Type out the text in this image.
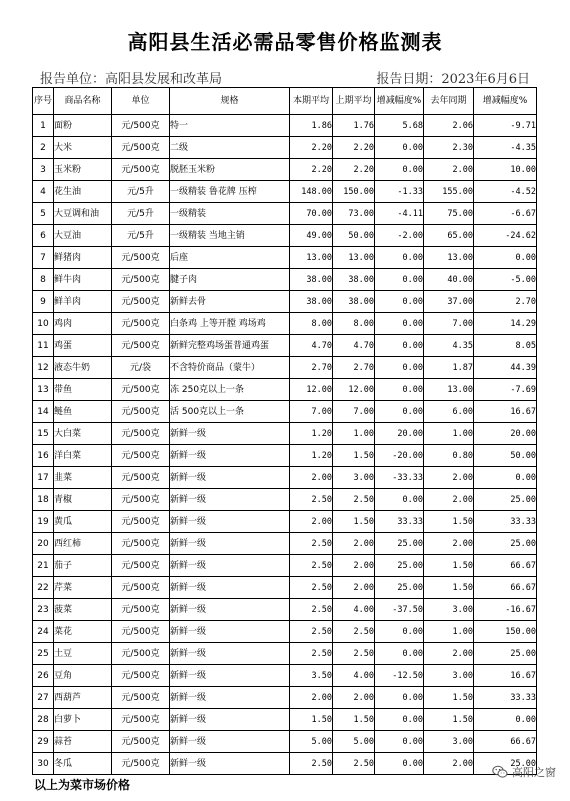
高阳县生活必需品零售价格监测表
报告单位：高阳县发展和改革局	报告日期：2023年6月6日
序号	商品名称	单位	规格	本期平均	上期平均	增减幅度%	去年同期	增减幅度%
1	面粉	元/500克	特一	1.86	1.76	5.68	2.06	-9.71
2	大米	元/500克	二级	2.20	2.20	0.00	2.30	-4.35
3	玉米粉	元/500克	脱胚玉米粉	2.20	2.20	0.00	2.00	10.00
4	花生油	元/5升	一级精装 鲁花牌 压榨	148.00	150.00	-1.33	155.00	-4.52
5	大豆调和油	元/5升	一级精装	70.00	73.00	-4.11	75.00	-6.67
6	大豆油	元/5升	一级精装 当地主销	49.00	50.00	-2.00	65.00	-24.62
7	鲜猪肉	元/500克	后座	13.00	13.00	0.00	13.00	0.00
8	鲜牛肉	元/500克	腱子肉	38.00	38.00	0.00	40.00	-5.00
9	鲜羊肉	元/500克	新鲜去骨	38.00	38.00	0.00	37.00	2.70
10	鸡肉	元/500克	白条鸡 上等开膛 鸡场鸡	8.00	8.00	0.00	7.00	14.29
11	鸡蛋	元/500克	新鲜完整鸡场蛋普通鸡蛋	4.70	4.70	0.00	4.35	8.05
12	液态牛奶	元/袋	不含特价商品（蒙牛）	2.70	2.70	0.00	1.87	44.39
13	带鱼	元/500克	冻 250克以上一条	12.00	12.00	0.00	13.00	-7.69
14	鲢鱼	元/500克	活 500克以上一条	7.00	7.00	0.00	6.00	16.67
15	大白菜	元/500克	新鲜一级	1.20	1.00	20.00	1.00	20.00
16	洋白菜	元/500克	新鲜一级	1.20	1.50	-20.00	0.80	50.00
17	韭菜	元/500克	新鲜一级	2.00	3.00	-33.33	2.00	0.00
18	青椒	元/500克	新鲜一级	2.50	2.50	0.00	2.00	25.00
19	黄瓜	元/500克	新鲜一级	2.00	1.50	33.33	1.50	33.33
20	西红柿	元/500克	新鲜一级	2.50	2.00	25.00	2.00	25.00
21	茄子	元/500克	新鲜一级	2.50	2.00	25.00	1.50	66.67
22	芹菜	元/500克	新鲜一级	2.50	2.00	25.00	1.50	66.67
23	菠菜	元/500克	新鲜一级	2.50	4.00	-37.50	3.00	-16.67
24	菜花	元/500克	新鲜一级	2.50	2.50	0.00	1.00	150.00
25	土豆	元/500克	新鲜一级	2.50	2.50	0.00	2.00	25.00
26	豆角	元/500克	新鲜一级	3.50	4.00	-12.50	3.00	16.67
27	西葫芦	元/500克	新鲜一级	2.00	2.00	0.00	1.50	33.33
28	白萝卜	元/500克	新鲜一级	1.50	1.50	0.00	1.50	0.00
29	蒜苔	元/500克	新鲜一级	5.00	5.00	0.00	3.00	66.67
30	冬瓜	元/500克	新鲜一级	2.50	2.50	0.00	2.00	25.00
以上为菜市场价格
高阳之窗
